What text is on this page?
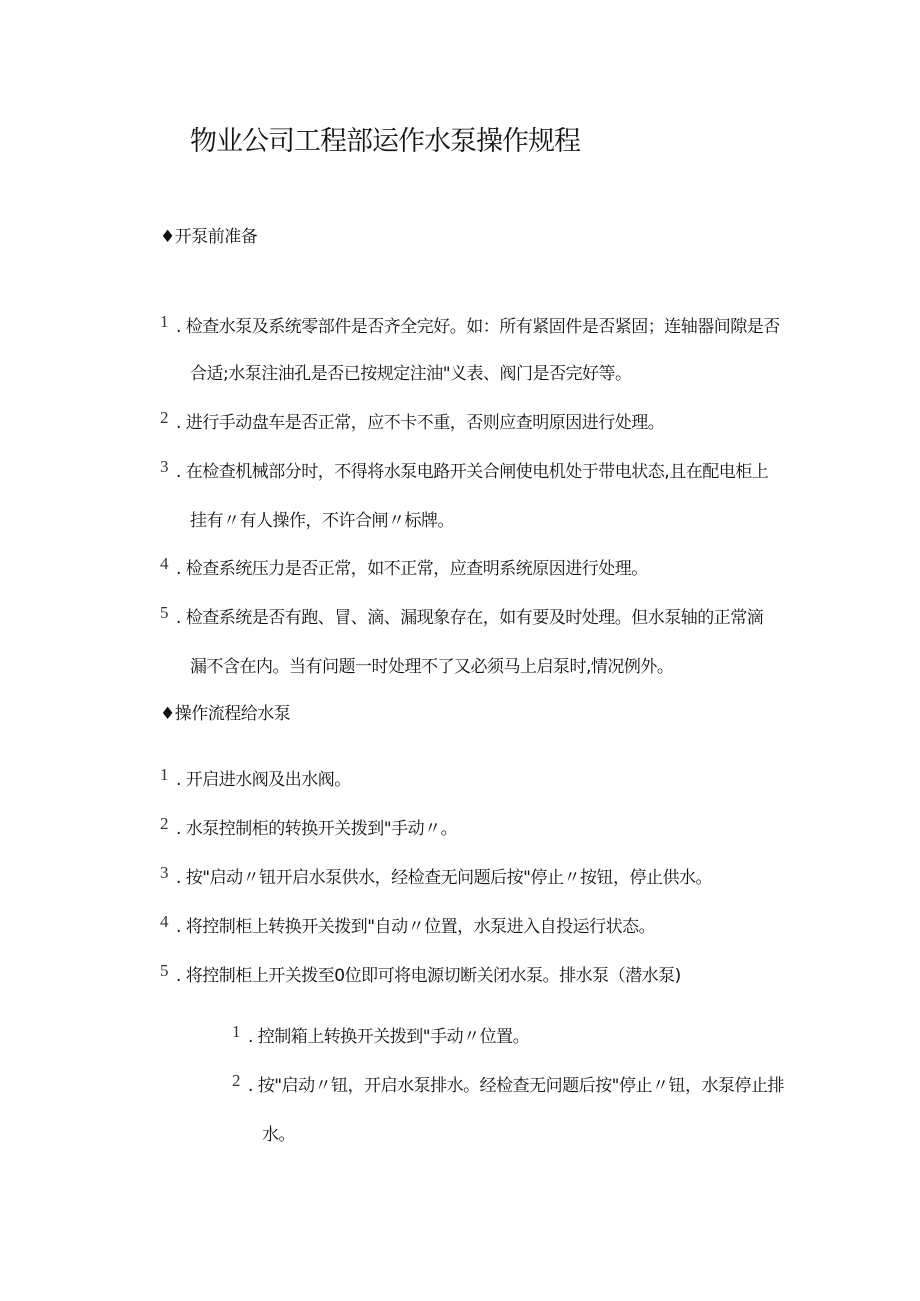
物业公司工程部运作水泵操作规程
♦开泵前准备
1 . 检查水泵及系统零部件是否齐全完好。如：所有紧固件是否紧固；连轴器间隙是否
合适;水泵注油孔是否已按规定注油"义表、阀门是否完好等。
2 . 进行手动盘车是否正常，应不卡不重，否则应查明原因进行处理。
3 . 在检查机械部分时，不得将水泵电路开关合闸使电机处于带电状态,且在配电柜上
挂有〃有人操作，不许合闸〃标牌。
4 . 检查系统压力是否正常，如不正常，应查明系统原因进行处理。
5 . 检查系统是否有跑、冒、滴、漏现象存在，如有要及时处理。但水泵轴的正常滴
漏不含在内。当有问题一时处理不了又必须马上启泵时,情况例外。
♦操作流程给水泵
1 . 开启进水阀及出水阀。
2 . 水泵控制柜的转换开关拨到"手动〃。
3 . 按"启动〃钮开启水泵供水，经检查无问题后按"停止〃按钮，停止供水。
4 . 将控制柜上转换开关拨到"自动〃位置，水泵进入自投运行状态。
5 . 将控制柜上开关拨至0位即可将电源切断关闭水泵。排水泵（潜水泵)
1 . 控制箱上转换开关拨到"手动〃位置。
2 . 按"启动〃钮，开启水泵排水。经检查无问题后按"停止〃钮，水泵停止排
水。
